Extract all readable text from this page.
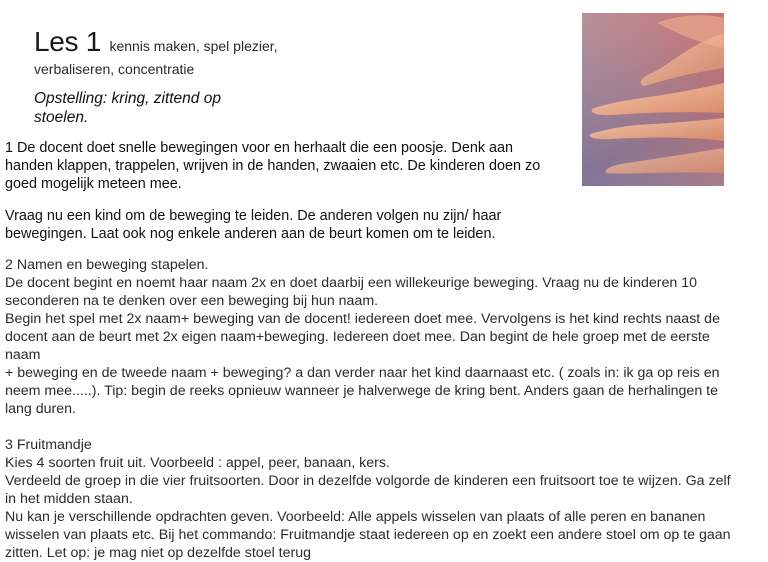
Les 1 kennis maken, spel plezier,
verbaliseren, concentratie
Opstelling: kring, zittend op stoelen.
1 De docent doet snelle bewegingen voor en herhaalt die een poosje. Denk aan handen klappen, trappelen, wrijven in de handen, zwaaien etc. De kinderen doen zo goed mogelijk meteen mee.
Vraag nu een kind om de beweging te leiden. De anderen volgen nu zijn/ haar bewegingen. Laat ook nog enkele anderen aan de beurt komen om te leiden.
2 Namen en beweging stapelen.
De docent begint en noemt haar naam 2x en doet daarbij een willekeurige beweging. Vraag nu de kinderen 10
seconderen na te denken over een beweging bij hun naam.
Begin het spel met 2x naam+ beweging van de docent! iedereen doet mee. Vervolgens is het kind rechts naast de
docent aan de beurt met 2x eigen naam+beweging. Iedereen doet mee. Dan begint de hele groep met de eerste
naam
+ beweging en de tweede naam + beweging? a dan verder naar het kind daarnaast etc. ( zoals in: ik ga op reis en
neem mee.....). Tip: begin de reeks opnieuw wanneer je halverwege de kring bent. Anders gaan de herhalingen te
lang duren.
3 Fruitmandje
Kies 4 soorten fruit uit. Voorbeeld : appel, peer, banaan, kers.
Verdeeld de groep in die vier fruitsoorten. Door in dezelfde volgorde de kinderen een fruitsoort toe te wijzen. Ga zelf
in het midden staan.
Nu kan je verschillende opdrachten geven. Voorbeeld: Alle appels wisselen van plaats of alle peren en bananen
wisselen van plaats etc. Bij het commando: Fruitmandje staat iedereen op en zoekt een andere stoel om op te gaan
zitten. Let op: je mag niet op dezelfde stoel terug
